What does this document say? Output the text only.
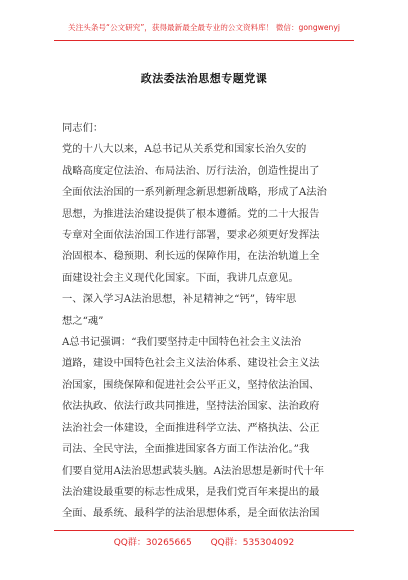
关注头条号“公文研究”，获得最新最全最专业的公文资料库！ 微信：gongwenyj
政法委法治思想专题党课
同志们：
党的十八大以来，A总书记从关系党和国家长治久安的
战略高度定位法治、布局法治、厉行法治，创造性提出了
全面依法治国的一系列新理念新思想新战略，形成了A法治
思想，为推进法治建设提供了根本遵循。党的二十大报告
专章对全面依法治国工作进行部署，要求必须更好发挥法
治固根本、稳预期、利长远的保障作用，在法治轨道上全
面建设社会主义现代化国家。下面，我讲几点意见。
一、深入学习A法治思想，补足精神之“钙”，铸牢思
想之“魂”
A总书记强调：“我们要坚持走中国特色社会主义法治
道路，建设中国特色社会主义法治体系、建设社会主义法
治国家，围绕保障和促进社会公平正义，坚持依法治国、
依法执政、依法行政共同推进，坚持法治国家、法治政府
法治社会一体建设，全面推进科学立法、严格执法、公正
司法、全民守法，全面推进国家各方面工作法治化。”我
们要自觉用A法治思想武装头脑。A法治思想是新时代十年
法治建设最重要的标志性成果，是我们党百年来提出的最
全面、最系统、最科学的法治思想体系，是全面依法治国
QQ群：30265665 QQ群：535304092
